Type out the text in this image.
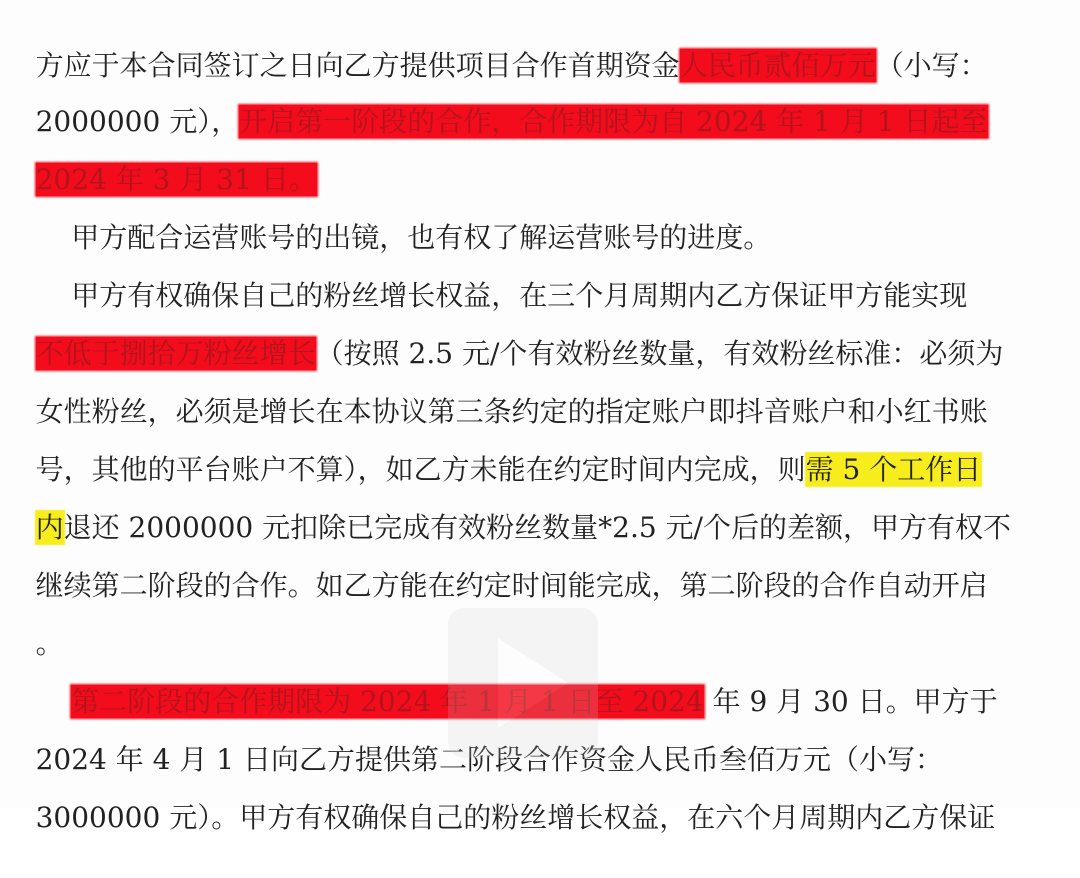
方应于本合同签订之日向乙方提供项目合作首期资金人民币贰佰万元（小写：

2000000 元），开启第一阶段的合作，合作期限为自 2024 年 1 月 1 日起至

2024 年 3 月 31 日。

甲方配合运营账号的出镜，也有权了解运营账号的进度。

甲方有权确保自己的粉丝增长权益，在三个月周期内乙方保证甲方能实现

不低于捌拾万粉丝增长（按照 2.5 元/个有效粉丝数量，有效粉丝标准：必须为

女性粉丝，必须是增长在本协议第三条约定的指定账户即抖音账户和小红书账

号，其他的平台账户不算），如乙方未能在约定时间内完成，则需 5 个工作日

内退还 2000000 元扣除已完成有效粉丝数量*2.5 元/个后的差额，甲方有权不

继续第二阶段的合作。如乙方能在约定时间能完成，第二阶段的合作自动开启

。

第二阶段的合作期限为 2024 年 1 月 1 日至 2024 年 9 月 30 日。甲方于

2024 年 4 月 1 日向乙方提供第二阶段合作资金人民币叁佰万元（小写：

3000000 元）。甲方有权确保自己的粉丝增长权益，在六个月周期内乙方保证
